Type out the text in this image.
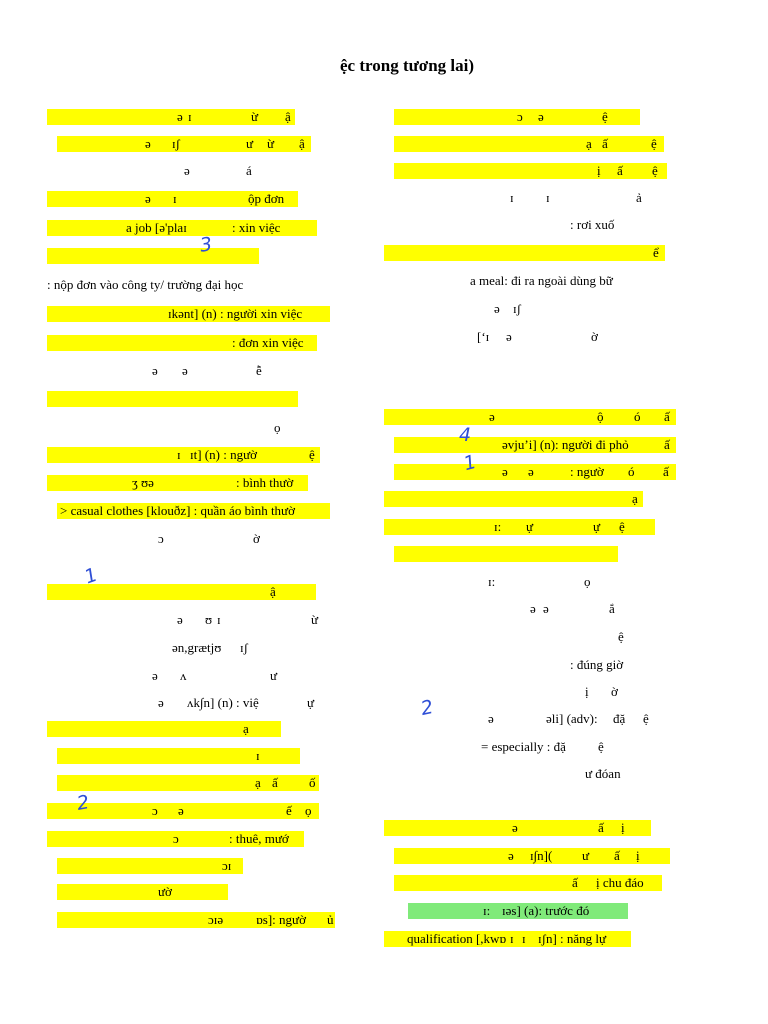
ệc trong tương lai)
ə ɪ	ừ ậ
ə ɪʃ	ư ừ ậ
ə	á
ə ɪ	ộp đơn
a job [ə'plaɪ	: xin việc
: nộp đơn vào công ty/ trường đại học
ɪkənt] (n) : người xin việc
: đơn xin việc
ə ə	ễ
ọ
ɪ ɪt] (n) : ngườ	ệ
ʒ ʊə	: bình thườ
> casual clothes [klouðz] : quần áo bình thườ
ɔ	ờ
ậ
ə ʊ ɪ	ừ
ən,grætjʊ ɪʃ
ə ʌ	ư
ə ʌk∫n] (n) : việ	ự
ạ
ɪ
ạ ấ ố
ɔ ə	ế ọ
ɔ	: thuê, mướ
ɔɪ
ườ
ɔɪə	ɒs]: ngườ ủ
ɔ ə	ệ
ạ ấ	ệ
ị ấ ệ
ɪ ɪ	ả
: rơi xuố
ể
a meal: đi ra ngoài dùng bữ
ə ɪʃ
[‘ɪ ə	ờ
ə	ộ ó ấ
əvju’i] (n): người đi phỏ	ấ
ə ə	: ngườ ó ấ
ạ
ɪ: ự	ự ệ
ɪ:	ọ
ə ə	ắ
ệ
: đúng giờ
ị ờ
ə	əli] (adv): đặ ệ
= especially : đặ ệ
ư đóan
ə	ấ ị
ə ɪ∫n]( ư ấ ị
ấ ị chu đáo
ɪ: ɪəs] (a): trước đó
qualification [,kwɒ ɪ ɪ ɪʃn] : năng lự
3
1
2
4
1
2
